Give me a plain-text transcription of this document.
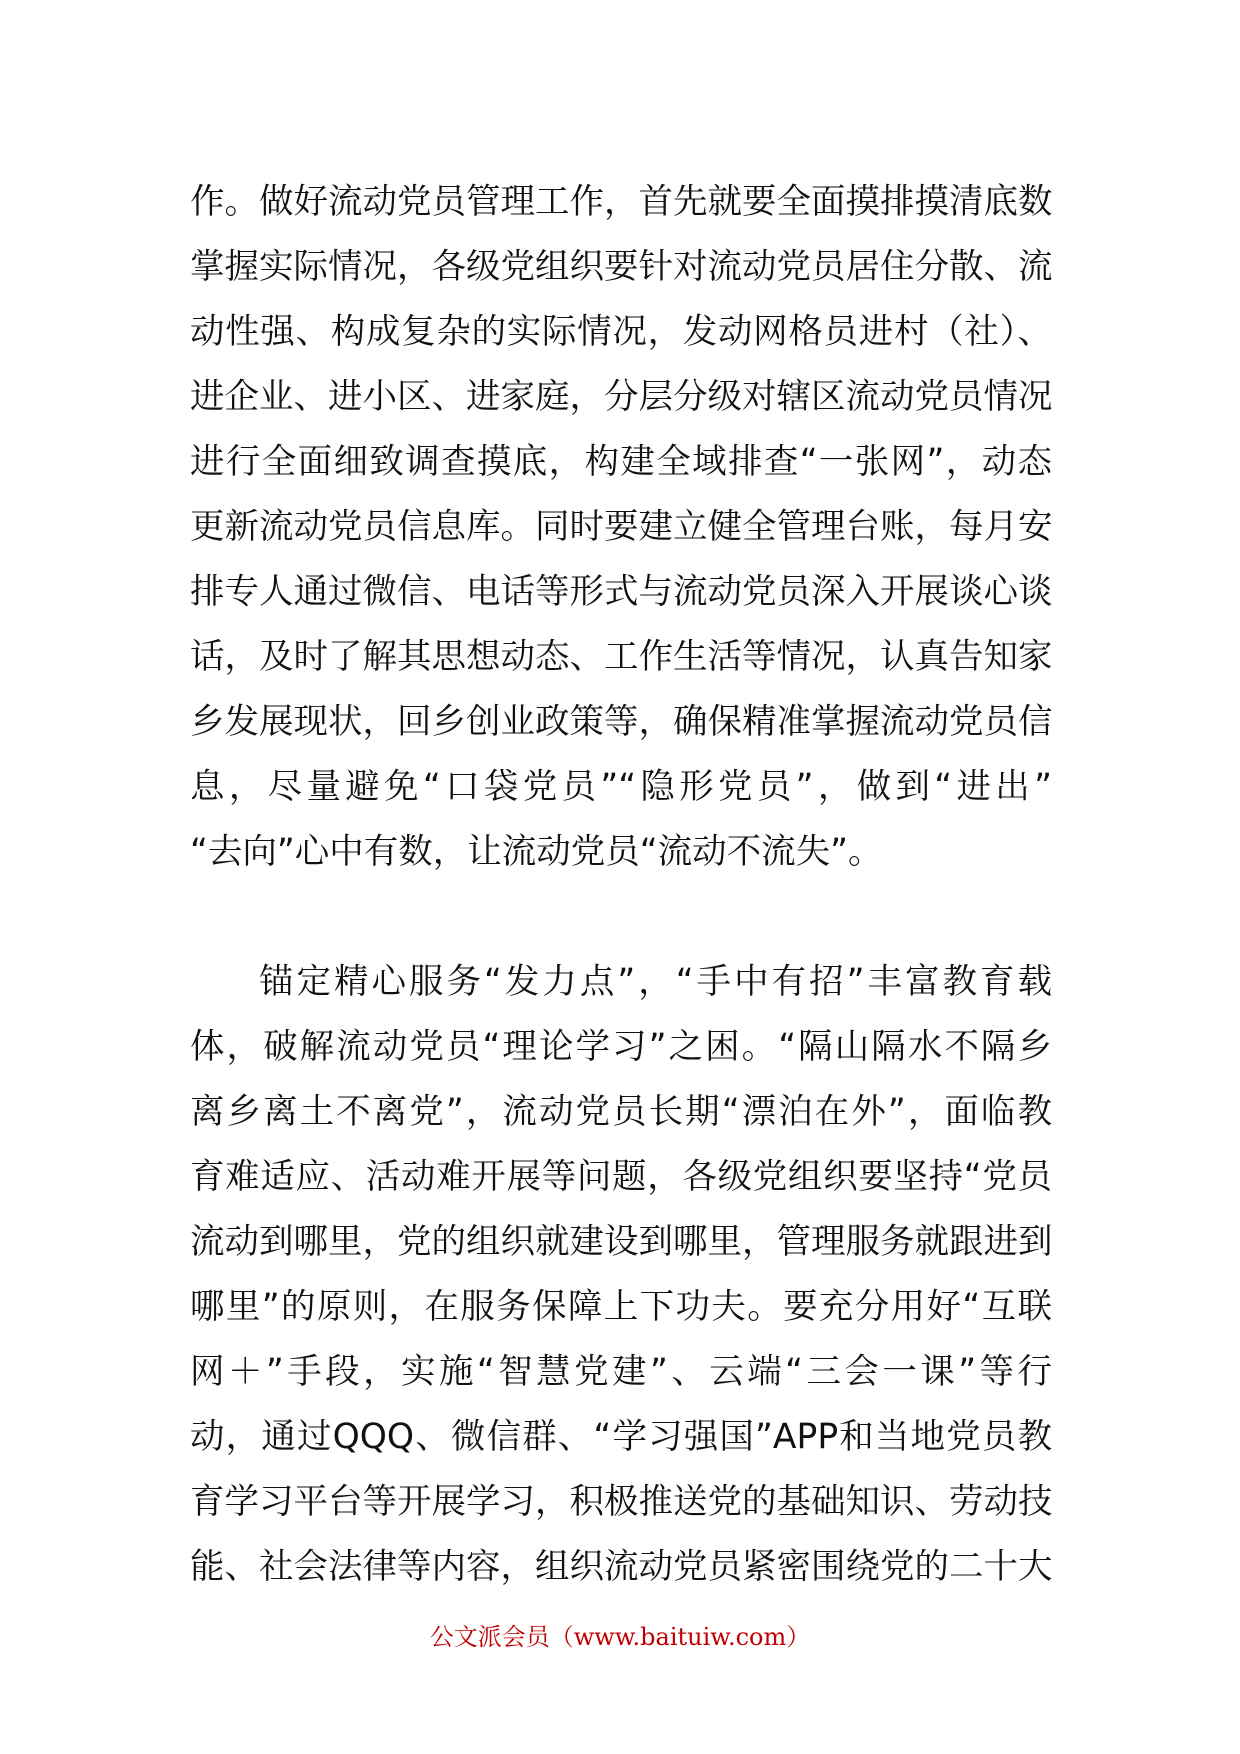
作。做好流动党员管理工作，首先就要全面摸排摸清底数
掌握实际情况，各级党组织要针对流动党员居住分散、流
动性强、构成复杂的实际情况，发动网格员进村（社）、
进企业、进小区、进家庭，分层分级对辖区流动党员情况
进行全面细致调查摸底，构建全域排查“一张网”，动态
更新流动党员信息库。同时要建立健全管理台账，每月安
排专人通过微信、电话等形式与流动党员深入开展谈心谈
话，及时了解其思想动态、工作生活等情况，认真告知家
乡发展现状，回乡创业政策等，确保精准掌握流动党员信
息，尽量避免“口袋党员”“隐形党员”，做到“进出”
“去向”心中有数，让流动党员“流动不流失”。
锚定精心服务“发力点”，“手中有招”丰富教育载
体，破解流动党员“理论学习”之困。“隔山隔水不隔乡
离乡离土不离党”，流动党员长期“漂泊在外”，面临教
育难适应、活动难开展等问题，各级党组织要坚持“党员
流动到哪里，党的组织就建设到哪里，管理服务就跟进到
哪里”的原则，在服务保障上下功夫。要充分用好“互联
网＋”手段，实施“智慧党建”、云端“三会一课”等行
动，通过QQQ、微信群、“学习强国”APP和当地党员教
育学习平台等开展学习，积极推送党的基础知识、劳动技
能、社会法律等内容，组织流动党员紧密围绕党的二十大
公文派会员（www.baituiw.com）
